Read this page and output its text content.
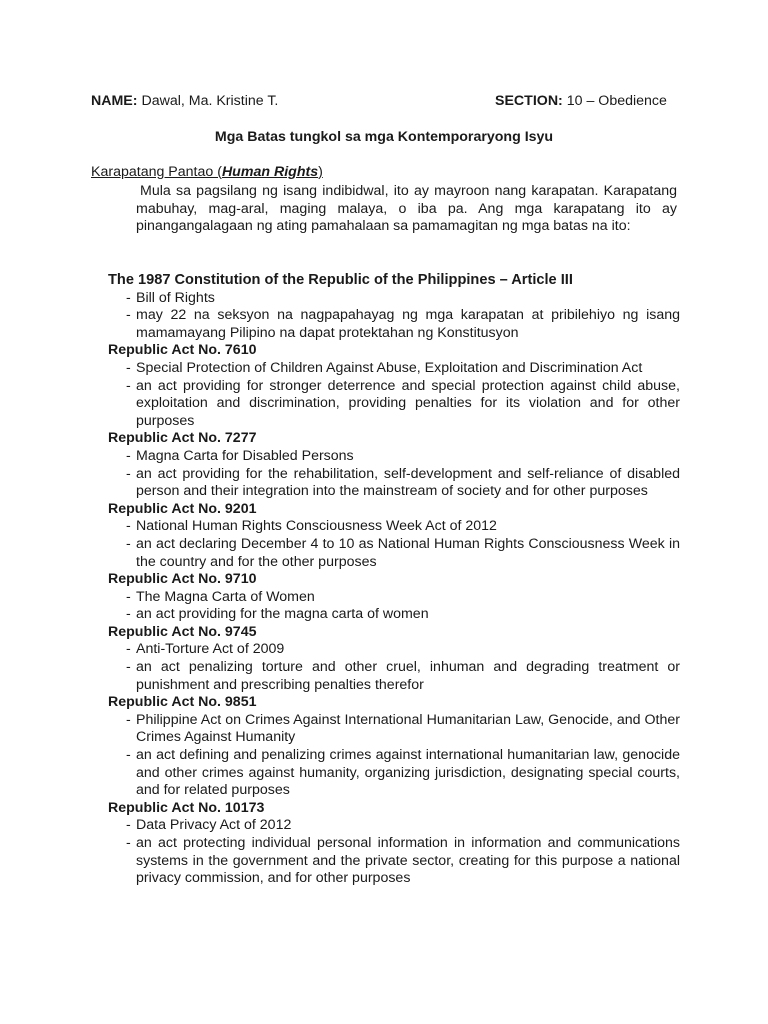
NAME: Dawal, Ma. Kristine T.	SECTION: 10 – Obedience
Mga Batas tungkol sa mga Kontemporaryong Isyu
Karapatang Pantao (Human Rights)
Mula sa pagsilang ng isang indibidwal, ito ay mayroon nang karapatan. Karapatang mabuhay, mag-aral, maging malaya, o iba pa. Ang mga karapatang ito ay pinangangalagaan ng ating pamahalaan sa pamamagitan ng mga batas na ito:
The 1987 Constitution of the Republic of the Philippines – Article III
- Bill of Rights
- may 22 na seksyon na nagpapahayag ng mga karapatan at pribilehiyo ng isang mamamayang Pilipino na dapat protektahan ng Konstitusyon
Republic Act No. 7610
- Special Protection of Children Against Abuse, Exploitation and Discrimination Act
- an act providing for stronger deterrence and special protection against child abuse, exploitation and discrimination, providing penalties for its violation and for other purposes
Republic Act No. 7277
- Magna Carta for Disabled Persons
- an act providing for the rehabilitation, self-development and self-reliance of disabled person and their integration into the mainstream of society and for other purposes
Republic Act No. 9201
- National Human Rights Consciousness Week Act of 2012
- an act declaring December 4 to 10 as National Human Rights Consciousness Week in the country and for the other purposes
Republic Act No. 9710
- The Magna Carta of Women
- an act providing for the magna carta of women
Republic Act No. 9745
- Anti-Torture Act of 2009
- an act penalizing torture and other cruel, inhuman and degrading treatment or punishment and prescribing penalties therefor
Republic Act No. 9851
- Philippine Act on Crimes Against International Humanitarian Law, Genocide, and Other Crimes Against Humanity
- an act defining and penalizing crimes against international humanitarian law, genocide and other crimes against humanity, organizing jurisdiction, designating special courts, and for related purposes
Republic Act No. 10173
- Data Privacy Act of 2012
- an act protecting individual personal information in information and communications systems in the government and the private sector, creating for this purpose a national privacy commission, and for other purposes
